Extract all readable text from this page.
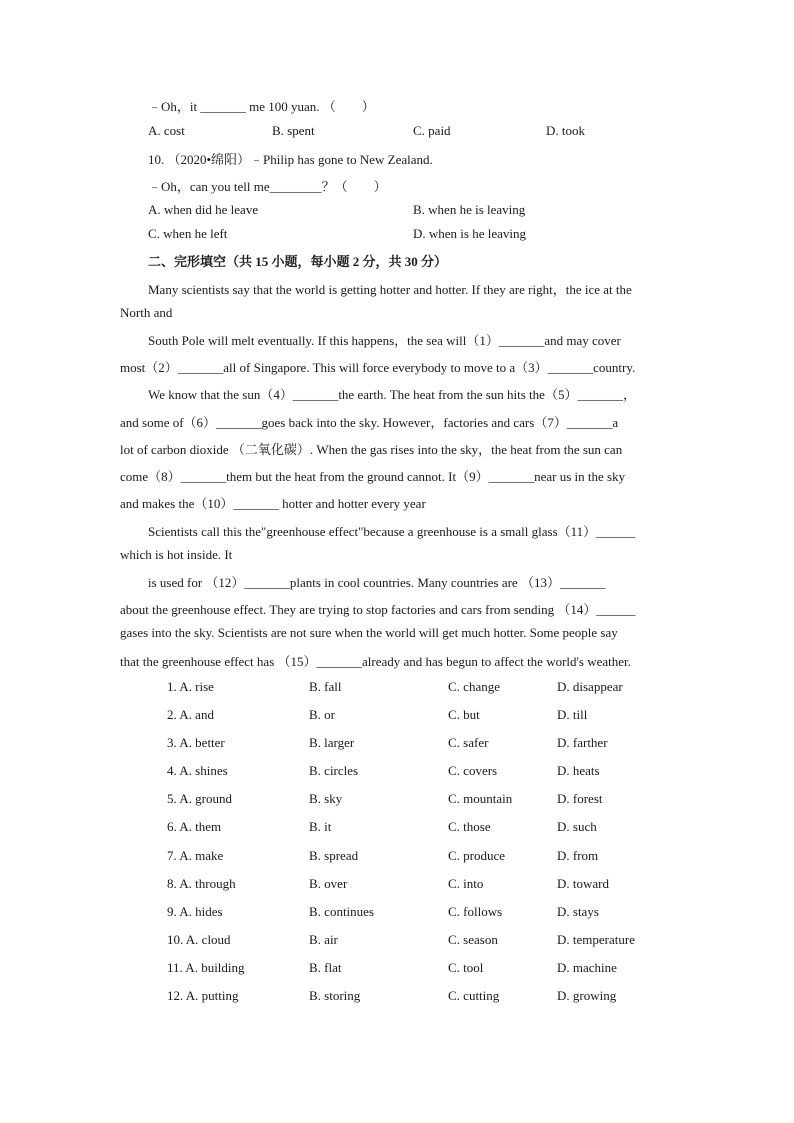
﹣Oh，it _______ me 100 yuan. （　　）
A. cost	B. spent	C. paid	D. took
10. （2020•绵阳）﹣Philip has gone to New Zealand.
﹣Oh，can you tell me________？（　　）
A. when did he leave	B. when he is leaving
C. when he left	D. when is he leaving
二、完形填空（共 15 小题，每小题 2 分，共 30 分）
Many scientists say that the world is getting hotter and hotter. If they are right，the ice at the
North and
South Pole will melt eventually. If this happens，the sea will（1）_______and may cover
most（2）_______all of Singapore. This will force everybody to move to a（3）_______country.
We know that the sun（4）_______the earth. The heat from the sun hits the（5）_______，
and some of（6）_______goes back into the sky. However，factories and cars（7）_______a
lot of carbon dioxide （二氧化碳）. When the gas rises into the sky，the heat from the sun can
come（8）_______them but the heat from the ground cannot. It（9）_______near us in the sky
and makes the（10）_______ hotter and hotter every year
Scientists call this the"greenhouse effect"because a greenhouse is a small glass（11）______
which is hot inside. It
is used for （12）_______plants in cool countries. Many countries are （13）_______
about the greenhouse effect. They are trying to stop factories and cars from sending （14）______
gases into the sky. Scientists are not sure when the world will get much hotter. Some people say
that the greenhouse effect has （15）_______already and has begun to affect the world's weather.
1. A. rise	B. fall	C. change	D. disappear
2. A. and	B. or	C. but	D. till
3. A. better	B. larger	C. safer	D. farther
4. A. shines	B. circles	C. covers	D. heats
5. A. ground	B. sky	C. mountain	D. forest
6. A. them	B. it	C. those	D. such
7. A. make	B. spread	C. produce	D. from
8. A. through	B. over	C. into	D. toward
9. A. hides	B. continues	C. follows	D. stays
10. A. cloud	B. air	C. season	D. temperature
11. A. building	B. flat	C. tool	D. machine
12. A. putting	B. storing	C. cutting	D. growing
